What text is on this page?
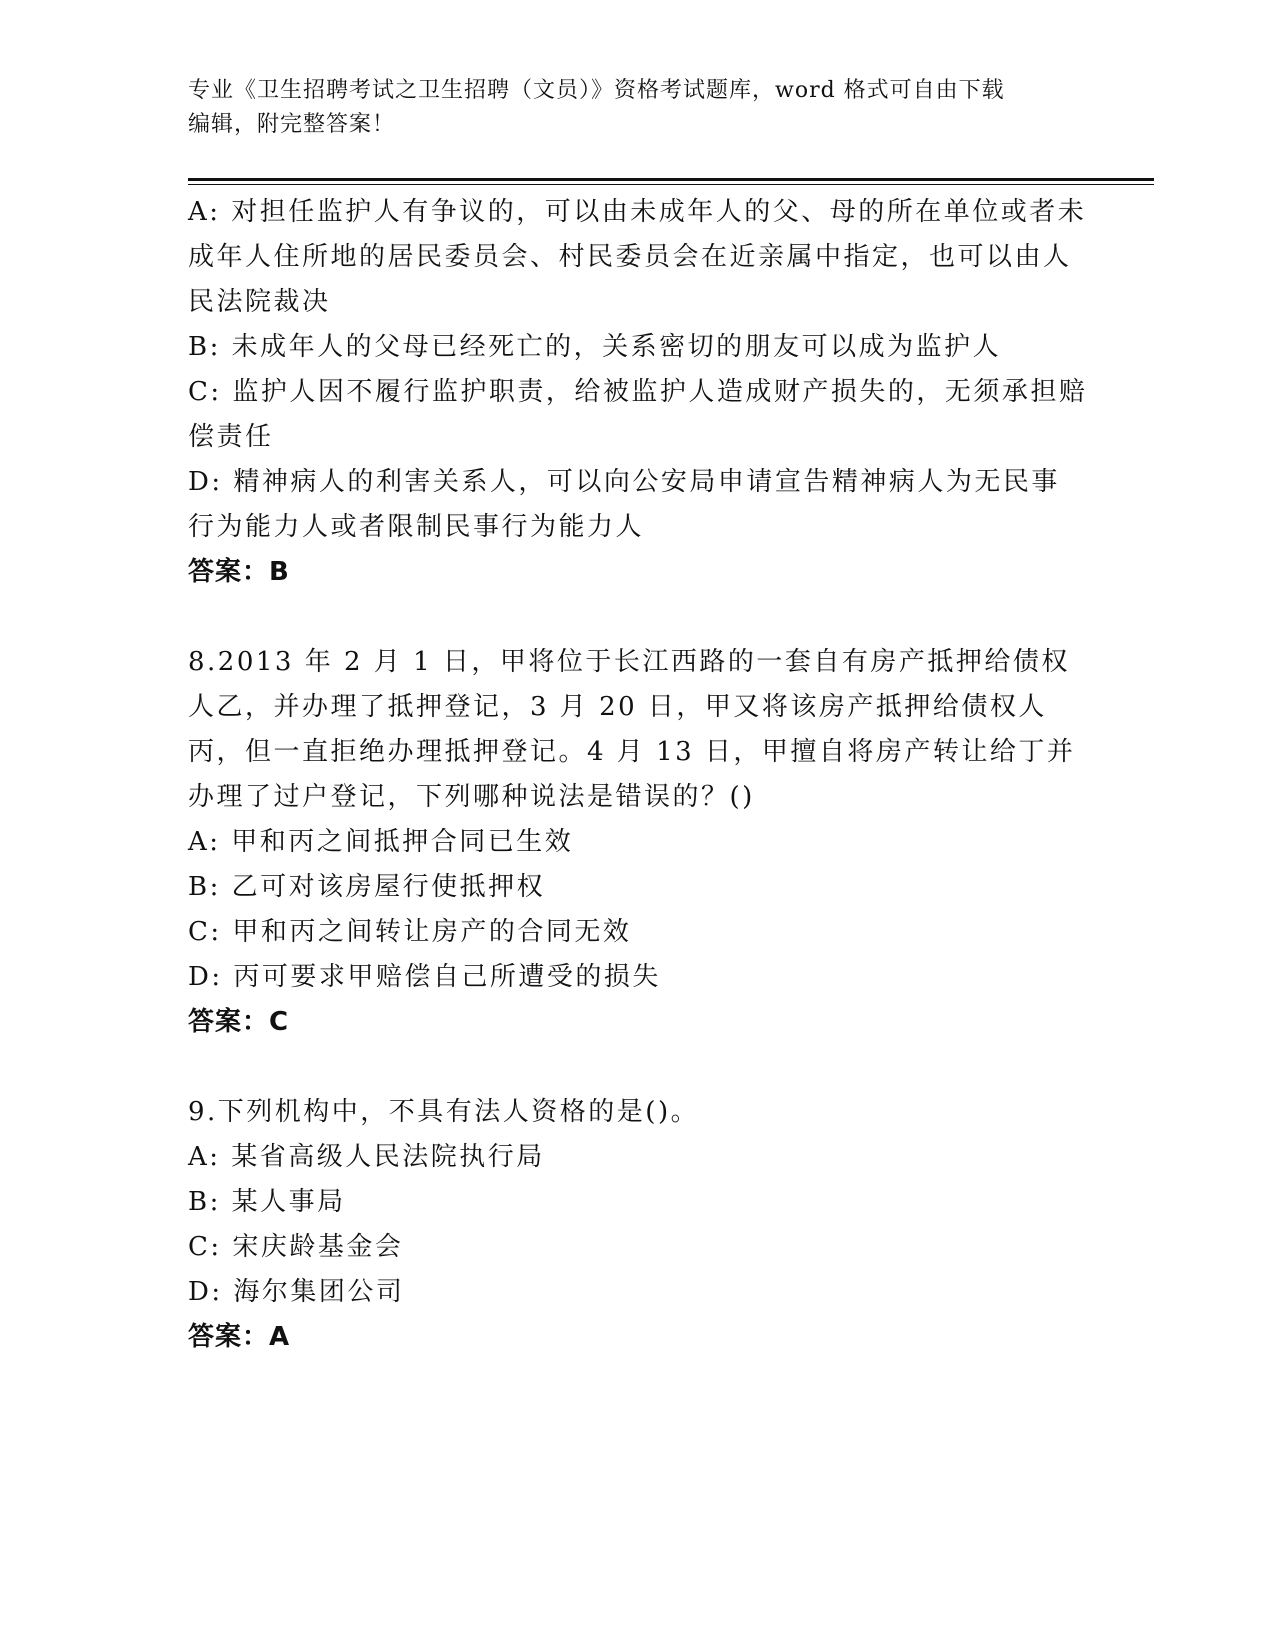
专业《卫生招聘考试之卫生招聘（文员）》资格考试题库，word 格式可自由下载
编辑，附完整答案！

A: 对担任监护人有争议的，可以由未成年人的父、母的所在单位或者未成年人住所地的居民委员会、村民委员会在近亲属中指定，也可以由人民法院裁决

B: 未成年人的父母已经死亡的，关系密切的朋友可以成为监护人

C: 监护人因不履行监护职责，给被监护人造成财产损失的，无须承担赔偿责任

D: 精神病人的利害关系人，可以向公安局申请宣告精神病人为无民事行为能力人或者限制民事行为能力人

答案：B

8.2013 年 2 月 1 日，甲将位于长江西路的一套自有房产抵押给债权人乙，并办理了抵押登记，3 月 20 日，甲又将该房产抵押给债权人丙，但一直拒绝办理抵押登记。4 月 13 日，甲擅自将房产转让给丁并办理了过户登记，下列哪种说法是错误的？()

A: 甲和丙之间抵押合同已生效

B: 乙可对该房屋行使抵押权

C: 甲和丙之间转让房产的合同无效

D: 丙可要求甲赔偿自己所遭受的损失

答案：C

9.下列机构中，不具有法人资格的是()。

A: 某省高级人民法院执行局

B: 某人事局

C: 宋庆龄基金会

D: 海尔集团公司

答案：A
